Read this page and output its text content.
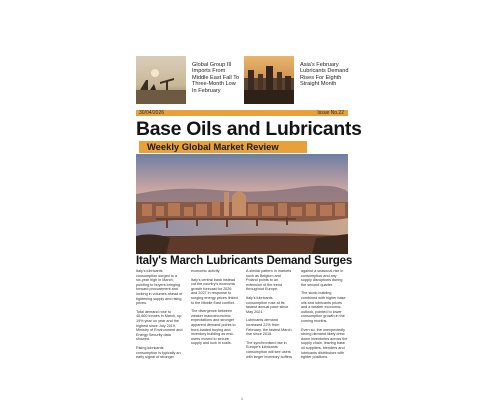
Global Group III Imports From Middle East Fall To Three-Month Low In February
Asia's February Lubricants Demand Rises For Eighth Straight Month
30/04/2026	Issue No.22
Base Oils and Lubricants
Weekly Global Market Review
Italy's March Lubricants Demand Surges

Italy's lubricants consumption surged to a six-year high in March, pointing to buyers bringing forward procurement and locking in volumes ahead of tightening supply and rising prices.

Total demand rose to 40,600 tonnes in March, up 19% year on year and the highest since July 2019, Ministry of Environment and Energy Security data showed.

Rising lubricants consumption is typically an early signal of stronger

economic activity.

Italy's central bank instead cut the country's economic growth forecast for 2026 and 2027 in response to surging energy prices linked to the Middle East conflict.

The divergence between weaker macroeconomic expectations and stronger apparent demand points to front-loaded buying and inventory building as end-users moved to secure supply and lock in costs.

A similar pattern in markets such as Belgium and Poland points to an extension of the trend throughout Europe.

Italy's lubricants consumption rose at its fastest annual pace since May 2021.

Lubricants demand increased 22% from February, the fastest March rise since 2016.

The synchronised rise in Europe's lubricants consumption will see users with larger inventory buffers

against a seasonal rise in consumption and any supply disruptions during the second quarter.

The stock-building combined with higher base oils and lubricants prices and a weaker economic outlook, pointed to lower consumption growth in the coming months.

Even so, the unexpectedly strong demand likely drew down inventories across the supply chain, leaving base oil suppliers, blenders and lubricants distributors with tighter positions.

1
